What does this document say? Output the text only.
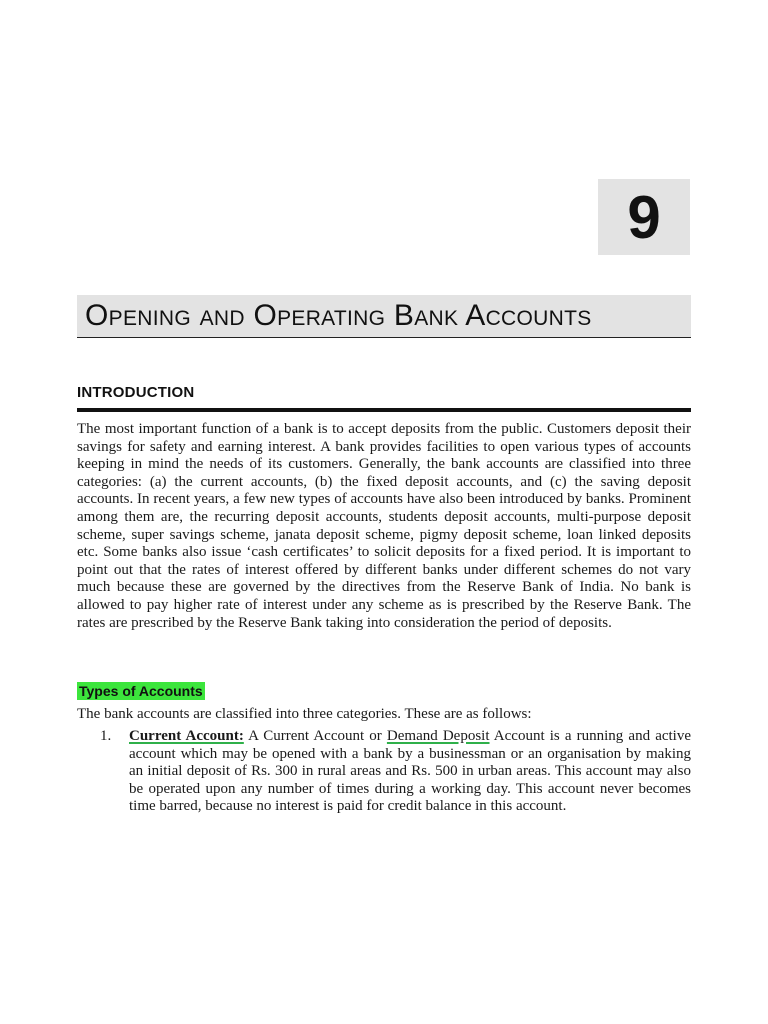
9
Opening and Operating Bank Accounts
INTRODUCTION
The most important function of a bank is to accept deposits from the public. Customers deposit their savings for safety and earning interest. A bank provides facilities to open various types of accounts keeping in mind the needs of its customers. Generally, the bank accounts are classified into three categories: (a) the current accounts, (b) the fixed deposit accounts, and (c) the saving deposit accounts. In recent years, a few new types of accounts have also been introduced by banks. Prominent among them are, the recurring deposit accounts, students deposit accounts, multi-purpose deposit scheme, super savings scheme, janata deposit scheme, pigmy deposit scheme, loan linked deposits etc. Some banks also issue ‘cash certificates’ to solicit deposits for a fixed period. It is important to point out that the rates of interest offered by different banks under different schemes do not vary much because these are governed by the directives from the Reserve Bank of India. No bank is allowed to pay higher rate of interest under any scheme as is prescribed by the Reserve Bank. The rates are prescribed by the Reserve Bank taking into consideration the period of deposits.
Types of Accounts
The bank accounts are classified into three categories. These are as follows:
1.	Current Account: A Current Account or Demand Deposit Account is a running and active account which may be opened with a bank by a businessman or an organisation by making an initial deposit of Rs. 300 in rural areas and Rs. 500 in urban areas. This account may also be operated upon any number of times during a working day. This account never becomes time barred, because no interest is paid for credit balance in this account.
